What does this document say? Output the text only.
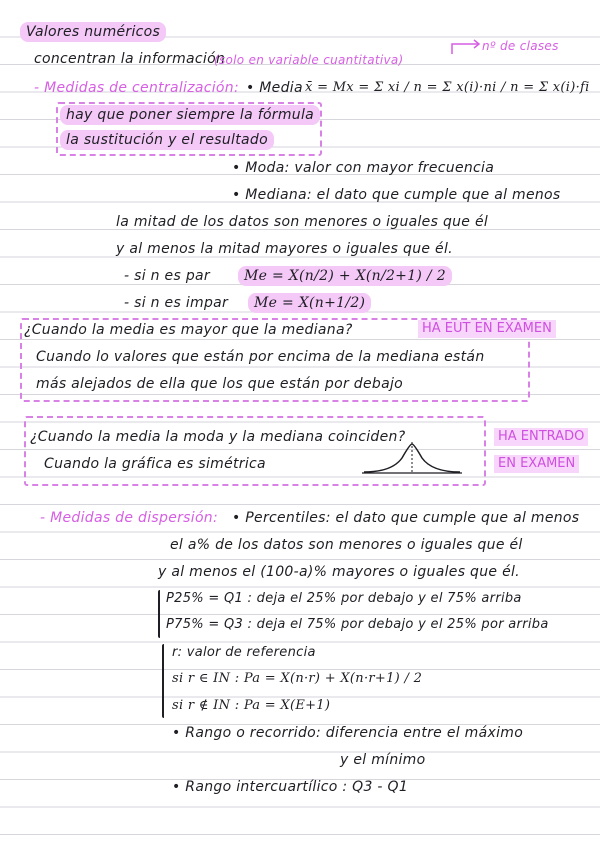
Valores numéricos
concentran la información
(solo en variable cuantitativa)
nº de clases
- Medidas de centralización: • Media x̄ = Mx = Σ xi / n = Σ x(i)·ni / n = Σ x(i)·fi
hay que poner siempre la fórmula
la sustitución y el resultado
• Moda: valor con mayor frecuencia
• Mediana: el dato que cumple que al menos
la mitad de los datos son menores o iguales que él
y al menos la mitad mayores o iguales que él.
- si n es par	Me = X(n/2) + X(n/2+1) / 2
- si n es impar	Me = X(n+1/2)
¿Cuando la media es mayor que la mediana?	HA EUT EN EXAMEN
Cuando lo valores que están por encima de la mediana están
más alejados de ella que los que están por debajo
¿Cuando la media la moda y la mediana coinciden?
Cuando la gráfica es simétrica
HA ENTRADO
EN EXAMEN
- Medidas de dispersión: • Percentiles: el dato que cumple que al menos
el a% de los datos son menores o iguales que él
y al menos el (100-a)% mayores o iguales que él.
P25% = Q1 : deja el 25% por debajo y el 75% arriba
P75% = Q3 : deja el 75% por debajo y el 25% por arriba
r: valor de referencia
si r ∈ IN : Pa = X(n·r) + X(n·r+1) / 2
si r ∉ IN : Pa = X(E+1)
• Rango o recorrido: diferencia entre el máximo
y el mínimo
• Rango intercuartílico : Q3 - Q1
